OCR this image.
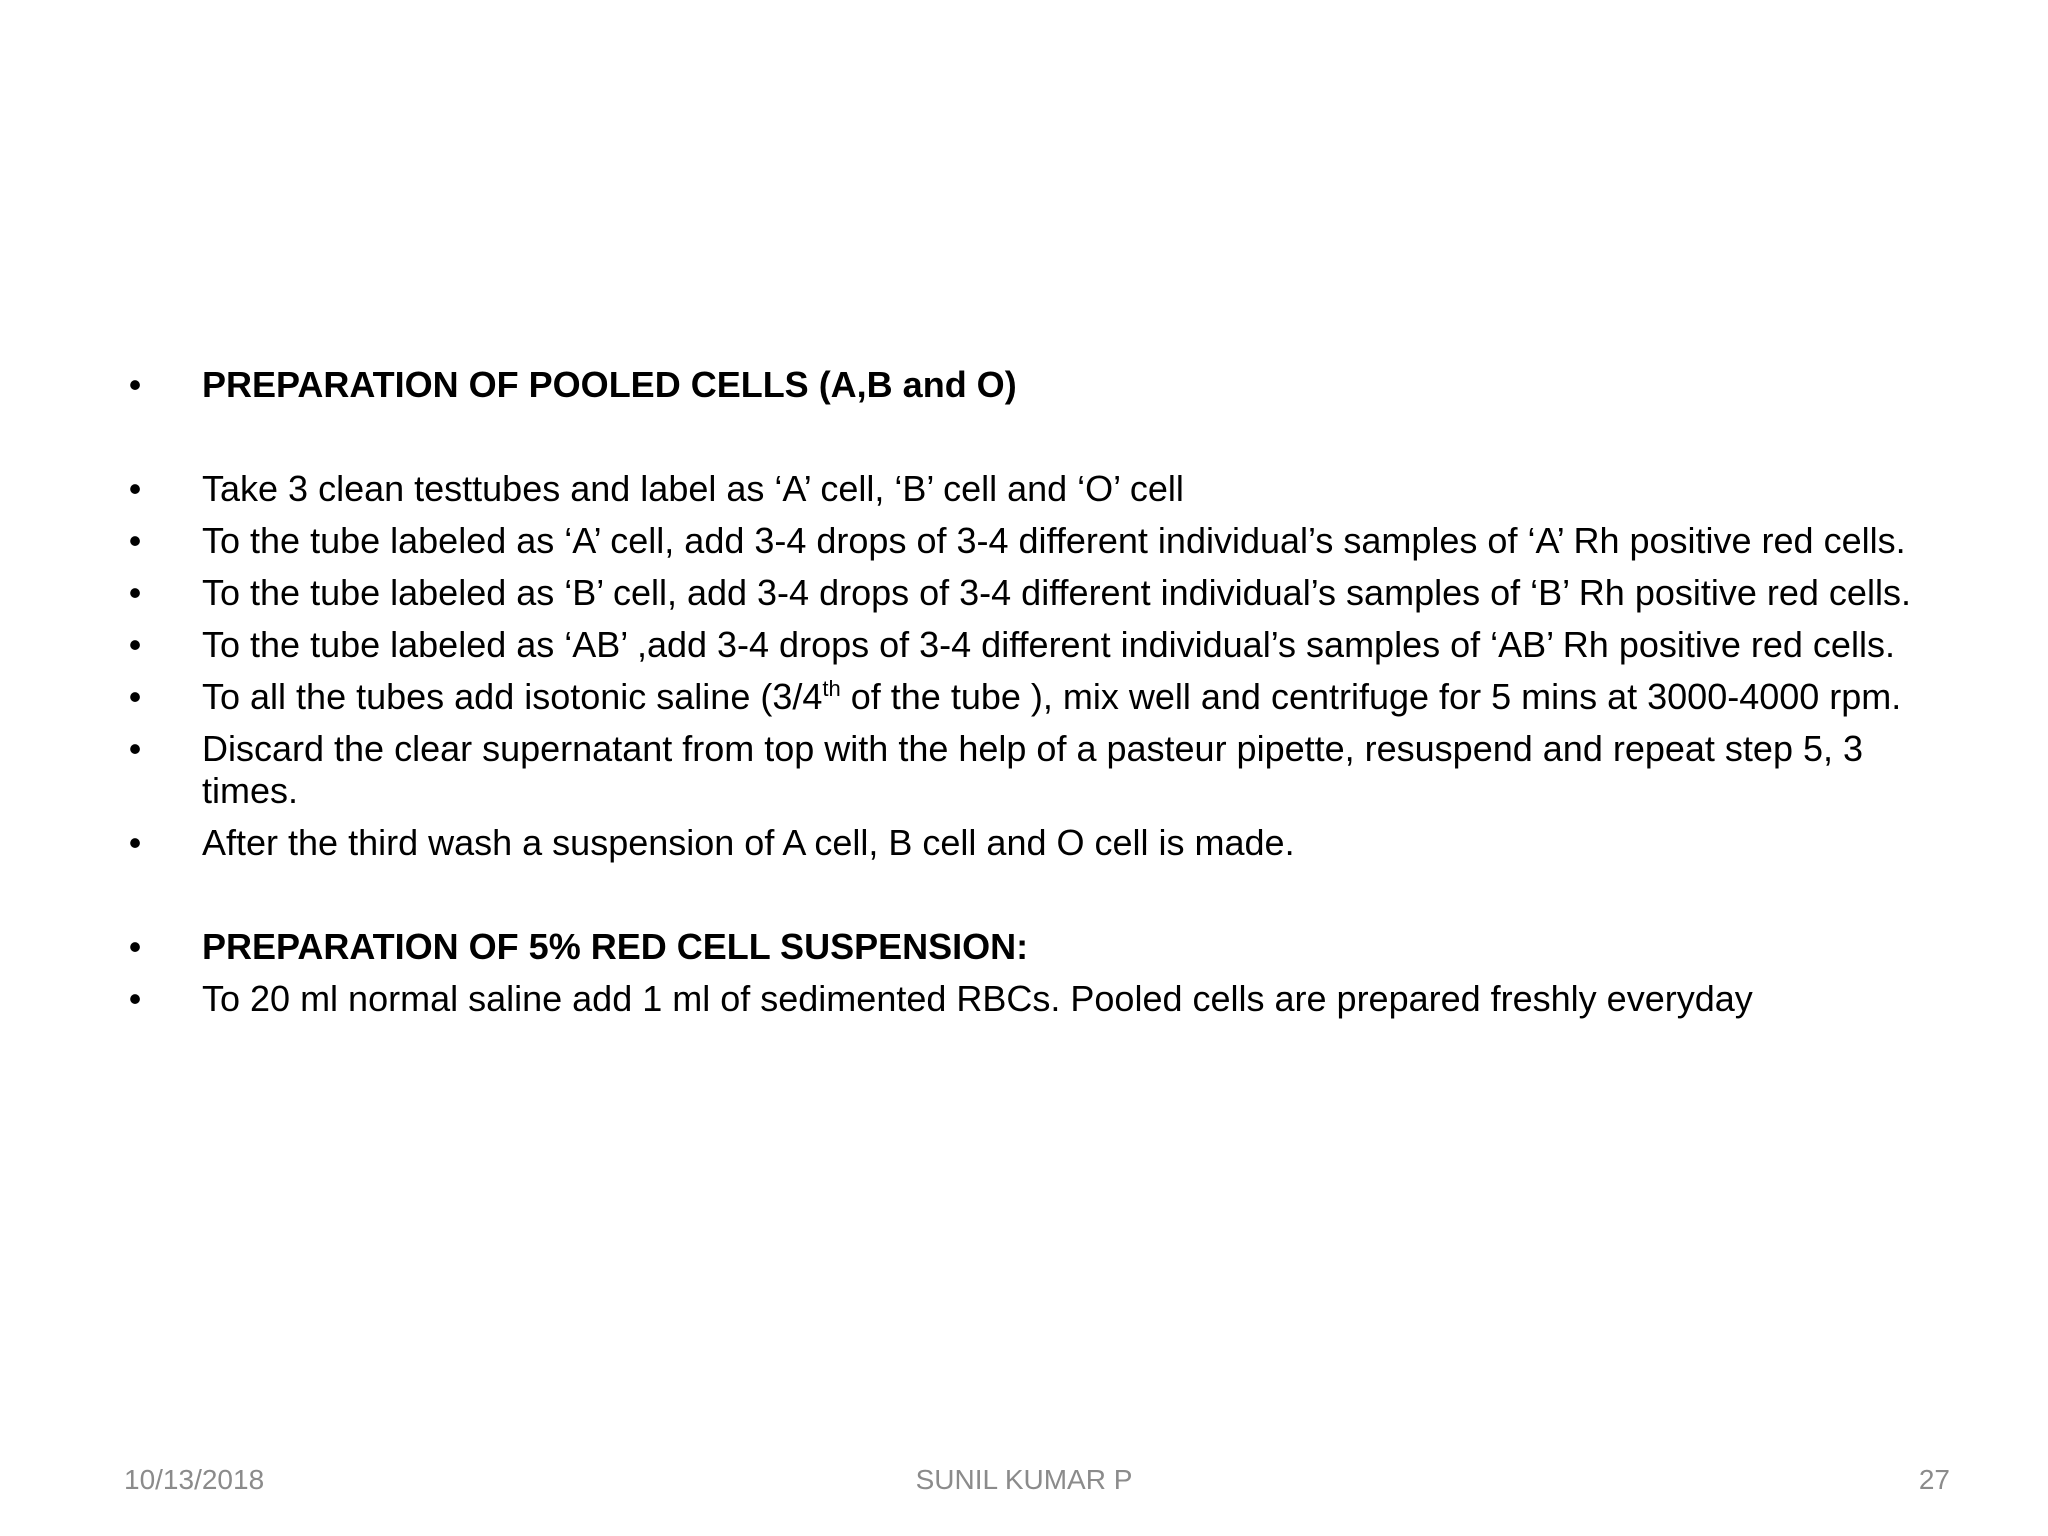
• PREPARATION OF POOLED CELLS (A,B and O)
• Take 3 clean testtubes and label as ‘A’ cell, ‘B’ cell and ‘O’ cell
• To the tube labeled as ‘A’ cell, add 3-4 drops of 3-4 different individual’s samples of ‘A’ Rh positive red cells.
• To the tube labeled as ‘B’ cell, add 3-4 drops of 3-4 different individual’s samples of ‘B’ Rh positive red cells.
• To the tube labeled as ‘AB’ ,add 3-4 drops of 3-4 different individual’s samples of ‘AB’ Rh positive red cells.
• To all the tubes add isotonic saline (3/4th of the tube ), mix well and centrifuge for 5 mins at 3000-4000 rpm.
• Discard the clear supernatant from top with the help of a pasteur pipette, resuspend and repeat step 5, 3 times.
• After the third wash a suspension of A cell, B cell and O cell is made.
• PREPARATION OF 5% RED CELL SUSPENSION:
• To 20 ml normal saline add 1 ml of sedimented RBCs. Pooled cells are prepared freshly everyday
10/13/2018	SUNIL KUMAR P	27
